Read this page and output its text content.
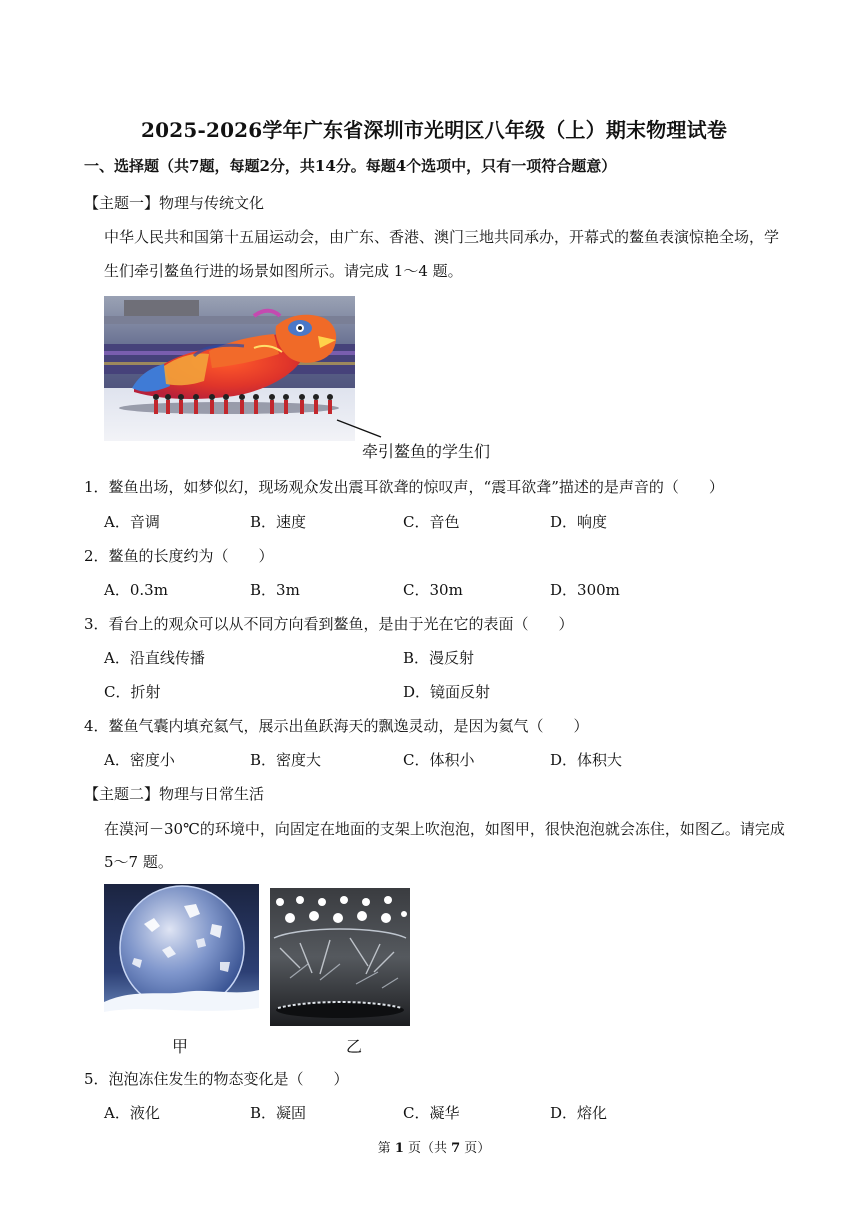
2025-2026学年广东省深圳市光明区八年级（上）期末物理试卷
一、选择题（共7题，每题2分，共14分。每题4个选项中，只有一项符合题意）
【主题一】物理与传统文化
中华人民共和国第十五届运动会，由广东、香港、澳门三地共同承办，开幕式的鳌鱼表演惊艳全场，学
生们牵引鳌鱼行进的场景如图所示。请完成 1～4 题。
牵引鳌鱼的学生们
1．鳌鱼出场，如梦似幻，现场观众发出震耳欲聋的惊叹声，“震耳欲聋”描述的是声音的（　　）
A．音调	B．速度	C．音色	D．响度
2．鳌鱼的长度约为（　　）
A．0.3m	B．3m	C．30m	D．300m
3．看台上的观众可以从不同方向看到鳌鱼，是由于光在它的表面（　　）
A．沿直线传播	B．漫反射
C．折射	D．镜面反射
4．鳌鱼气囊内填充氦气，展示出鱼跃海天的飘逸灵动，是因为氦气（　　）
A．密度小	B．密度大	C．体积小	D．体积大
【主题二】物理与日常生活
在漠河－30℃的环境中，向固定在地面的支架上吹泡泡，如图甲，很快泡泡就会冻住，如图乙。请完成
5～7 题。
甲	乙
5．泡泡冻住发生的物态变化是（　　）
A．液化	B．凝固	C．凝华	D．熔化
第 1 页（共 7 页）
